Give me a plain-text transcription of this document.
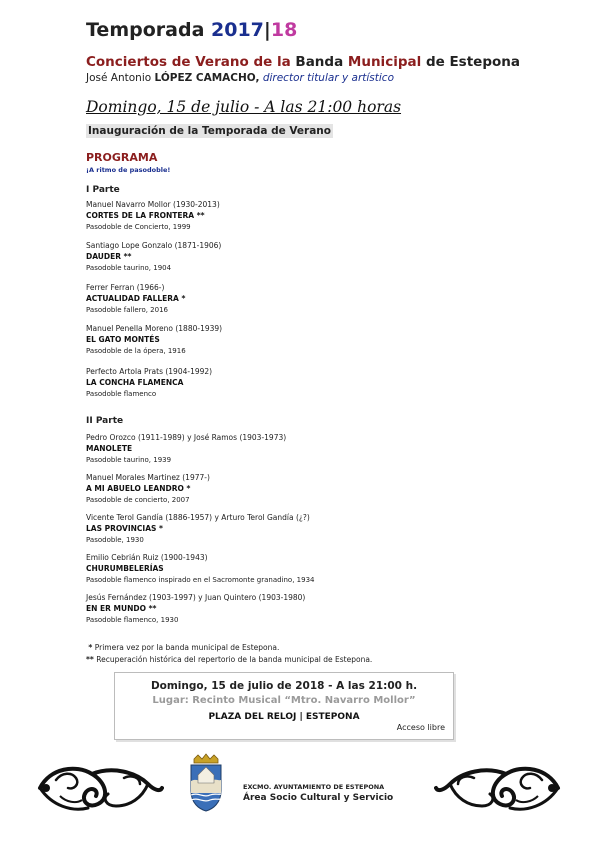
Temporada 2017|18
Conciertos de Verano de la Banda Municipal de Estepona
José Antonio LÓPEZ CAMACHO, director titular y artístico
Domingo, 15 de julio - A las 21:00 horas
Inauguración de la Temporada de Verano
PROGRAMA
¡A ritmo de pasodoble!
I Parte
Manuel Navarro Mollor (1930-2013)
CORTES DE LA FRONTERA **
Pasodoble de Concierto, 1999
Santiago Lope Gonzalo (1871-1906)
DAUDER **
Pasodoble taurino, 1904
Ferrer Ferran (1966-)
ACTUALIDAD FALLERA *
Pasodoble fallero, 2016
Manuel Penella Moreno (1880-1939)
EL GATO MONTÉS
Pasodoble de la ópera, 1916
Perfecto Artola Prats (1904-1992)
LA CONCHA FLAMENCA
Pasodoble flamenco
II Parte
Pedro Orozco (1911-1989) y José Ramos (1903-1973)
MANOLETE
Pasodoble taurino, 1939
Manuel Morales Martinez (1977-)
A MI ABUELO LEANDRO *
Pasodoble de concierto, 2007
Vicente Terol Gandía (1886-1957) y Arturo Terol Gandía (¿?)
LAS PROVINCIAS *
Pasodoble, 1930
Emilio Cebrián Ruiz (1900-1943)
CHURUMBELERÍAS
Pasodoble flamenco inspirado en el Sacromonte granadino, 1934
Jesús Fernández (1903-1997) y Juan Quintero (1903-1980)
EN ER MUNDO **
Pasodoble flamenco, 1930
* Primera vez por la banda municipal de Estepona.
** Recuperación histórica del repertorio de la banda municipal de Estepona.
Domingo, 15 de julio de 2018 - A las 21:00 h.
Lugar: Recinto Musical “Mtro. Navarro Mollor”
PLAZA DEL RELOJ | ESTEPONA
Acceso libre
EXCMO. AYUNTAMIENTO DE ESTEPONA
Área Socio Cultural y Servicio
